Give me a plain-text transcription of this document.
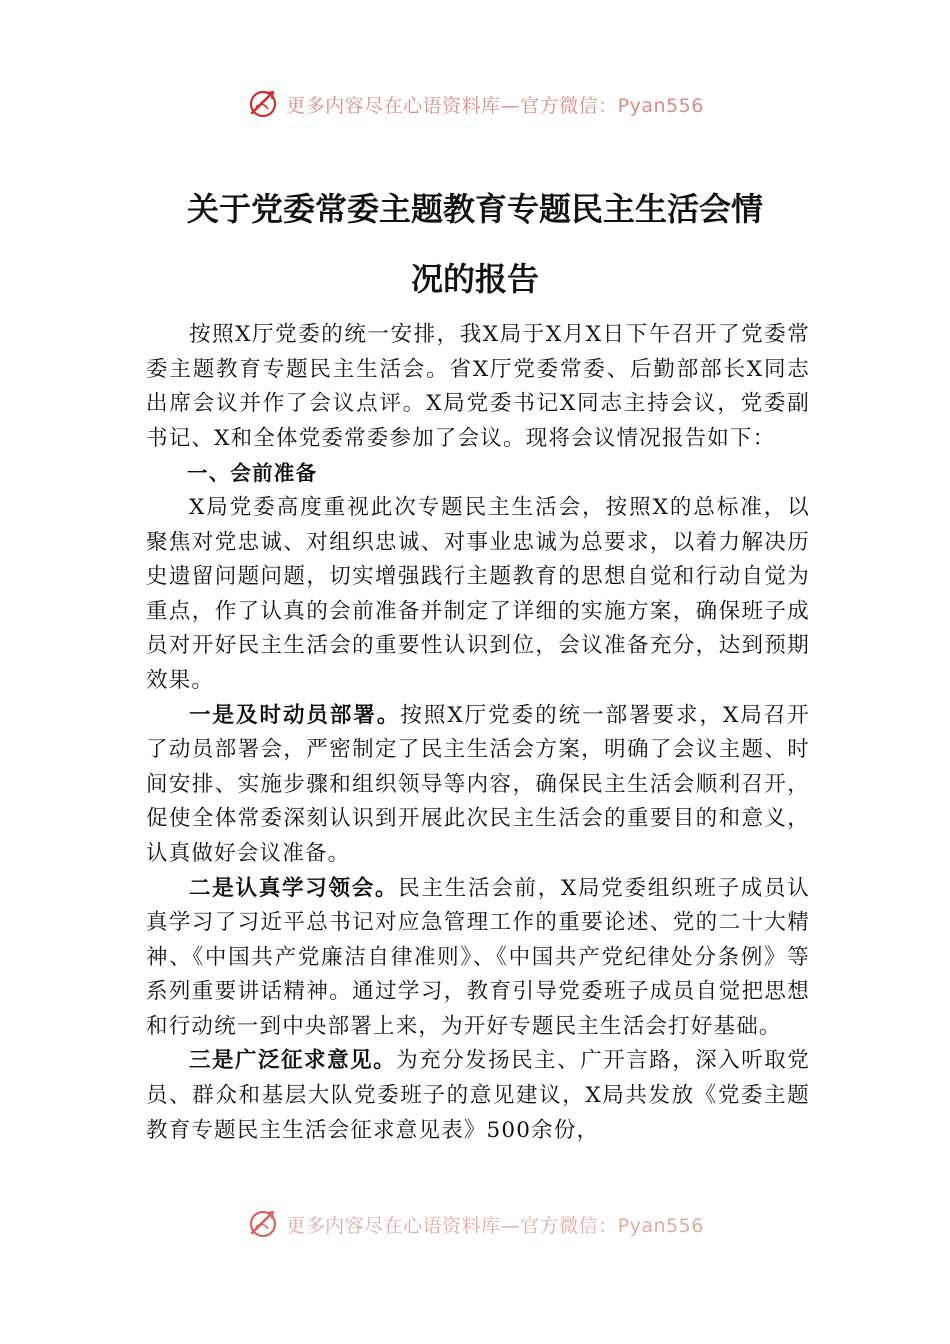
更多内容尽在心语资料库—官方微信：Pyan556
关于党委常委主题教育专题民主生活会情
况的报告

按照X厅党委的统一安排，我X局于X月X日下午召开了党委常委主题教育专题民主生活会。省X厅党委常委、后勤部部长X同志出席会议并作了会议点评。X局党委书记X同志主持会议，党委副书记、X和全体党委常委参加了会议。现将会议情况报告如下：

一、会前准备

X局党委高度重视此次专题民主生活会，按照X的总标准，以聚焦对党忠诚、对组织忠诚、对事业忠诚为总要求，以着力解决历史遗留问题问题，切实增强践行主题教育的思想自觉和行动自觉为重点，作了认真的会前准备并制定了详细的实施方案，确保班子成员对开好民主生活会的重要性认识到位，会议准备充分，达到预期效果。

一是及时动员部署。按照X厅党委的统一部署要求，X局召开了动员部署会，严密制定了民主生活会方案，明确了会议主题、时间安排、实施步骤和组织领导等内容，确保民主生活会顺利召开，促使全体常委深刻认识到开展此次民主生活会的重要目的和意义，认真做好会议准备。

二是认真学习领会。民主生活会前，X局党委组织班子成员认真学习了习近平总书记对应急管理工作的重要论述、党的二十大精神、《中国共产党廉洁自律准则》、《中国共产党纪律处分条例》等系列重要讲话精神。通过学习，教育引导党委班子成员自觉把思想和行动统一到中央部署上来，为开好专题民主生活会打好基础。

三是广泛征求意见。为充分发扬民主、广开言路，深入听取党员、群众和基层大队党委班子的意见建议，X局共发放《党委主题教育专题民主生活会征求意见表》500余份，

更多内容尽在心语资料库—官方微信：Pyan556
